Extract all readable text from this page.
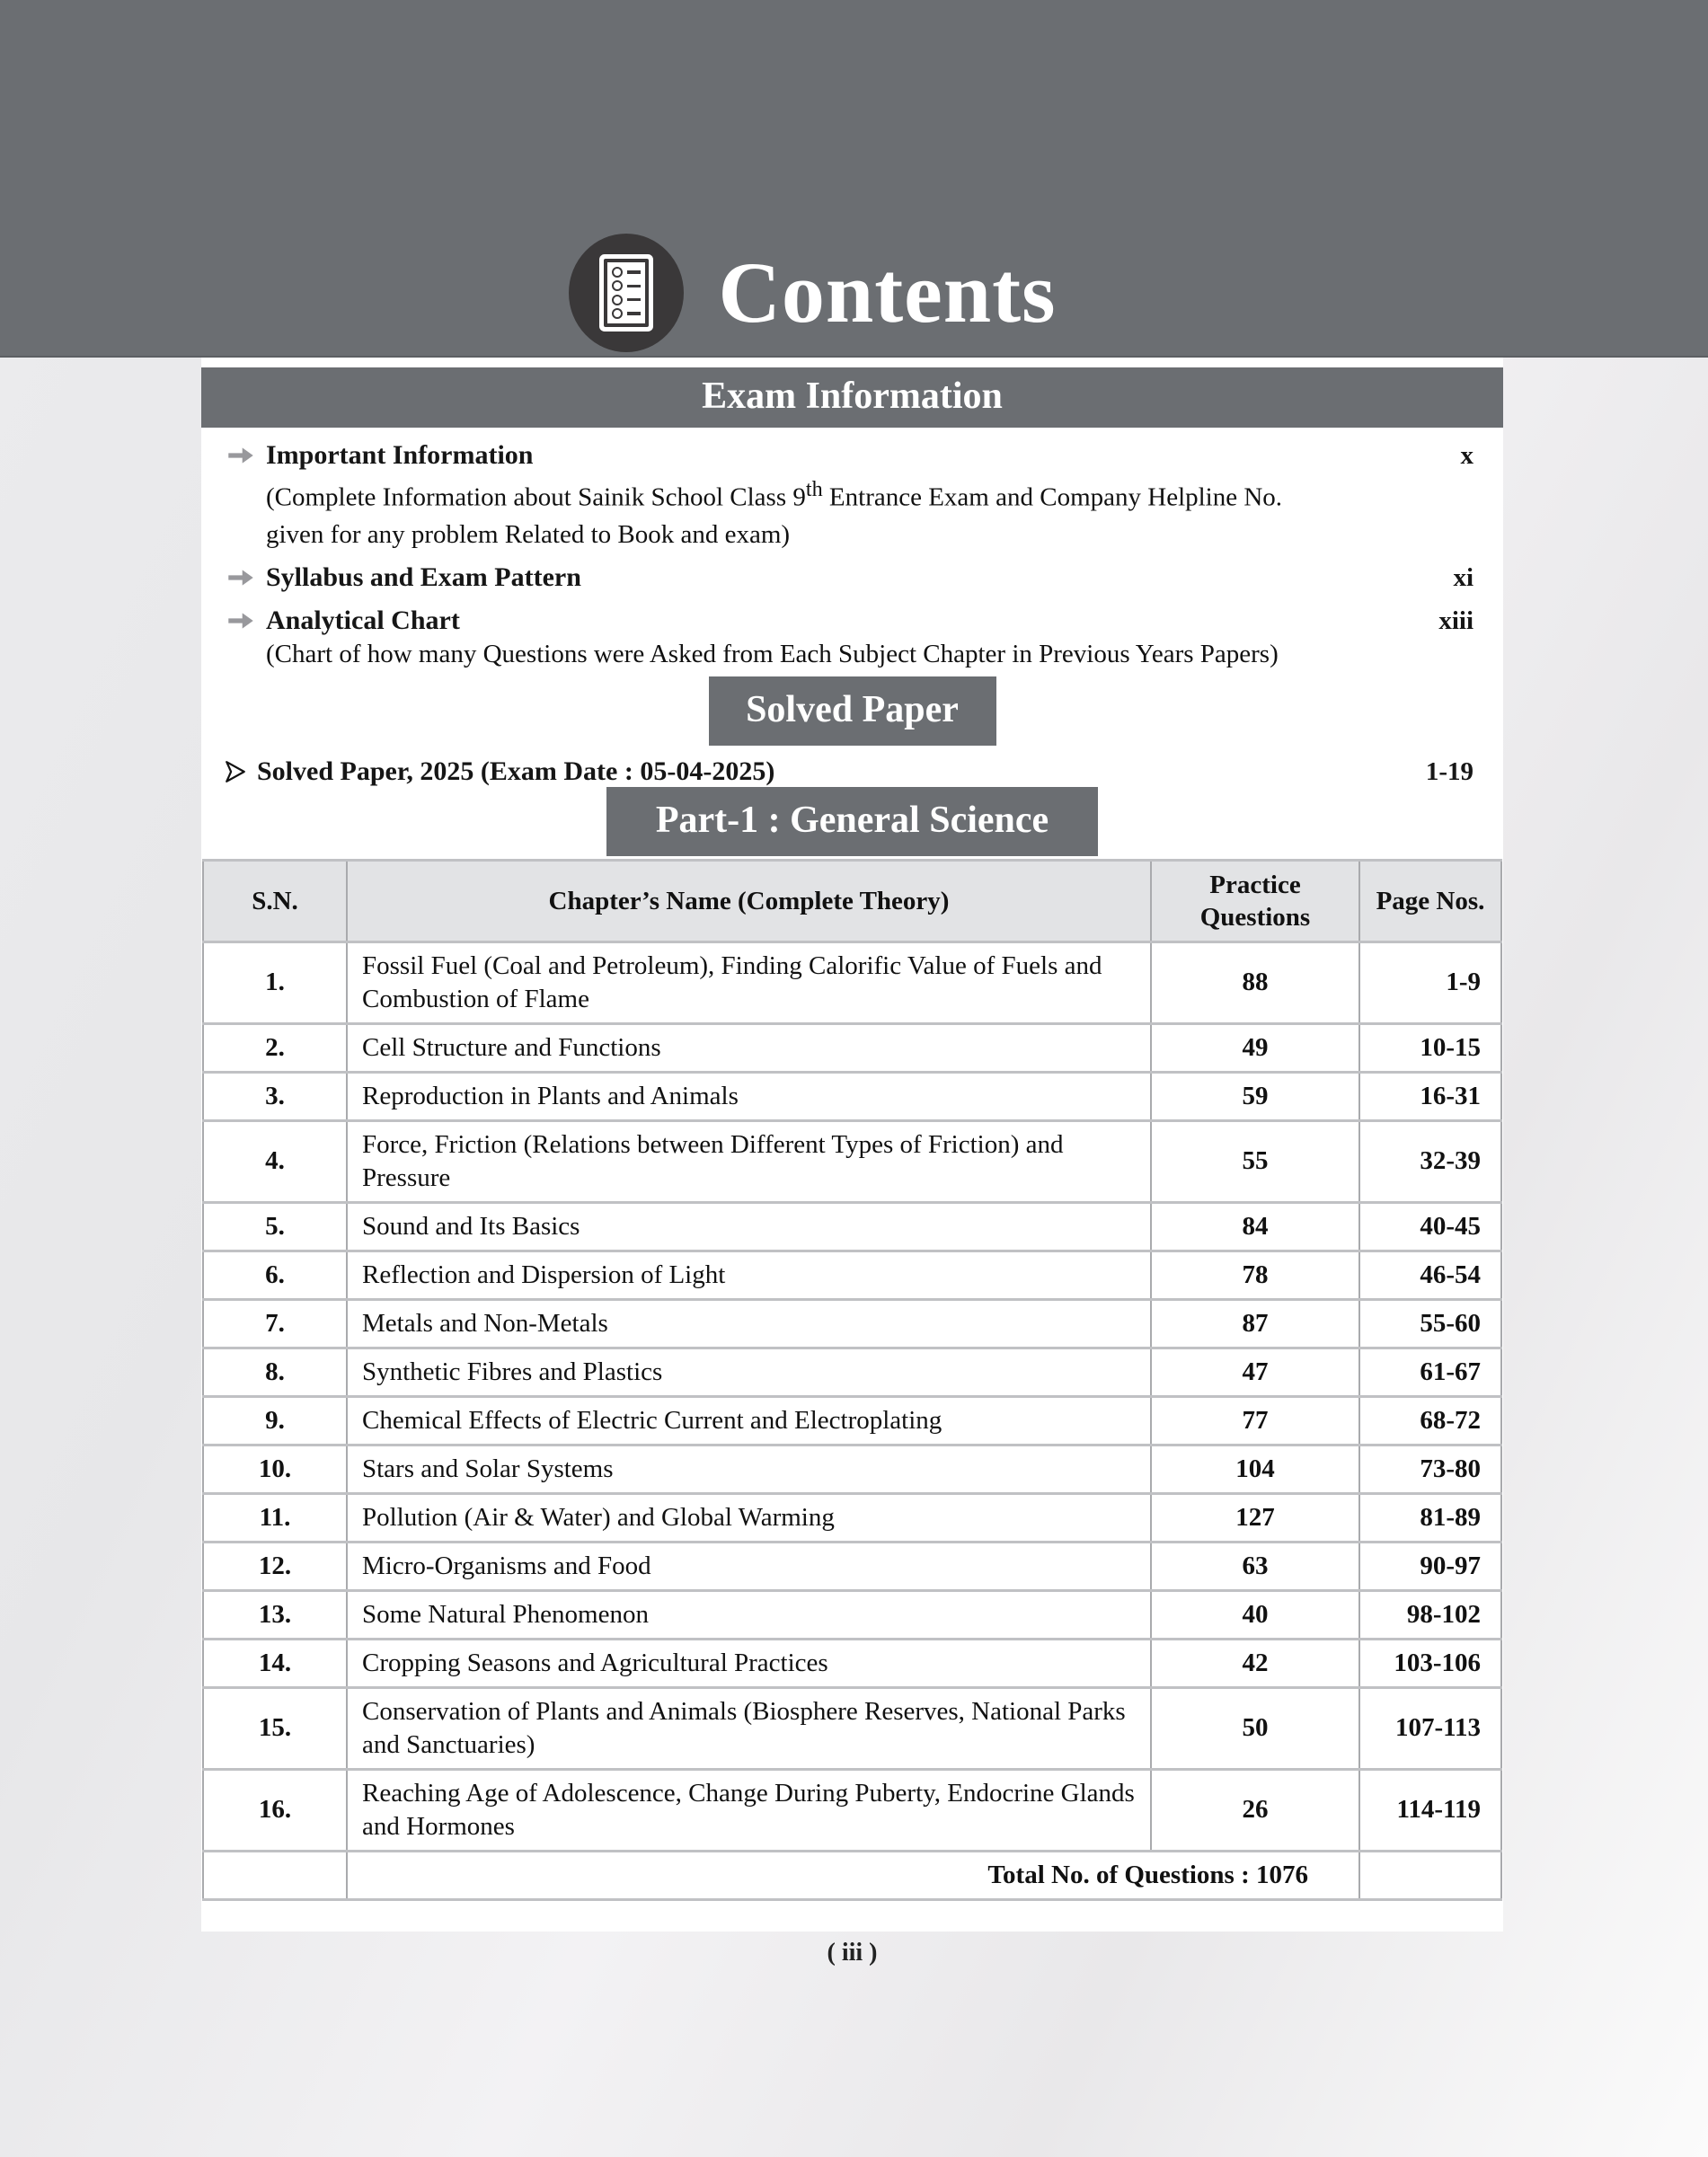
Contents
Exam Information
Important Information	x
(Complete Information about Sainik School Class 9th Entrance Exam and Company Helpline No. given for any problem Related to Book and exam)
Syllabus and Exam Pattern	xi
Analytical Chart	xiii
(Chart of how many Questions were Asked from Each Subject Chapter in Previous Years Papers)
Solved Paper
Solved Paper, 2025 (Exam Date : 05-04-2025)	1-19
Part-1 : General Science
S.N.	Chapter’s Name (Complete Theory)	Practice Questions	Page Nos.
1.	Fossil Fuel (Coal and Petroleum), Finding Calorific Value of Fuels and Combustion of Flame	88	1-9
2.	Cell Structure and Functions	49	10-15
3.	Reproduction in Plants and Animals	59	16-31
4.	Force, Friction (Relations between Different Types of Friction) and Pressure	55	32-39
5.	Sound and Its Basics	84	40-45
6.	Reflection and Dispersion of Light	78	46-54
7.	Metals and Non-Metals	87	55-60
8.	Synthetic Fibres and Plastics	47	61-67
9.	Chemical Effects of Electric Current and Electroplating	77	68-72
10.	Stars and Solar Systems	104	73-80
11.	Pollution (Air & Water) and Global Warming	127	81-89
12.	Micro-Organisms and Food	63	90-97
13.	Some Natural Phenomenon	40	98-102
14.	Cropping Seasons and Agricultural Practices	42	103-106
15.	Conservation of Plants and Animals (Biosphere Reserves, National Parks and Sanctuaries)	50	107-113
16.	Reaching Age of Adolescence, Change During Puberty, Endocrine Glands and Hormones	26	114-119
	Total No. of Questions : 1076		
( iii )
